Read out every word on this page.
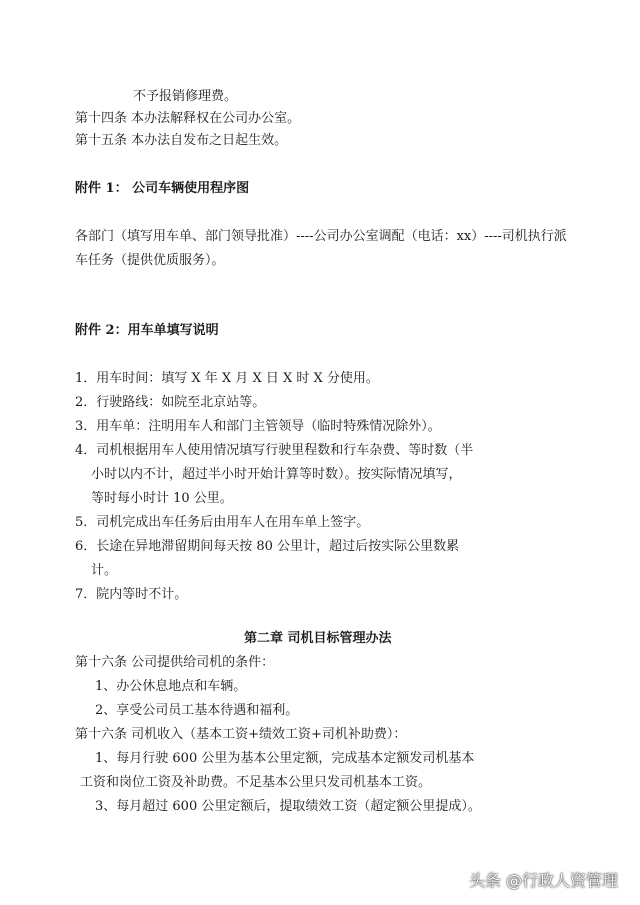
不予报销修理费。
第十四条 本办法解释权在公司办公室。
第十五条 本办法自发布之日起生效。
附件 1： 公司车辆使用程序图
各部门（填写用车单、部门领导批准）----公司办公室调配（电话：xx）----司机执行派
车任务（提供优质服务）。
附件 2：用车单填写说明
1．用车时间：填写 X 年 X 月 X 日 X 时 X 分使用。
2．行驶路线：如院至北京站等。
3．用车单：注明用车人和部门主管领导（临时特殊情况除外）。
4．司机根据用车人使用情况填写行驶里程数和行车杂费、等时数（半
小时以内不计，超过半小时开始计算等时数）。按实际情况填写，
等时每小时计 10 公里。
5．司机完成出车任务后由用车人在用车单上签字。
6．长途在异地滞留期间每天按 80 公里计，超过后按实际公里数累
计。
7．院内等时不计。
第二章 司机目标管理办法
第十六条 公司提供给司机的条件：
1、办公休息地点和车辆。
2、享受公司员工基本待遇和福利。
第十六条 司机收入（基本工资+绩效工资+司机补助费）：
1、每月行驶 600 公里为基本公里定额，完成基本定额发司机基本
工资和岗位工资及补助费。不足基本公里只发司机基本工资。
3、每月超过 600 公里定额后，提取绩效工资（超定额公里提成）。
头条 @行政人资管理
